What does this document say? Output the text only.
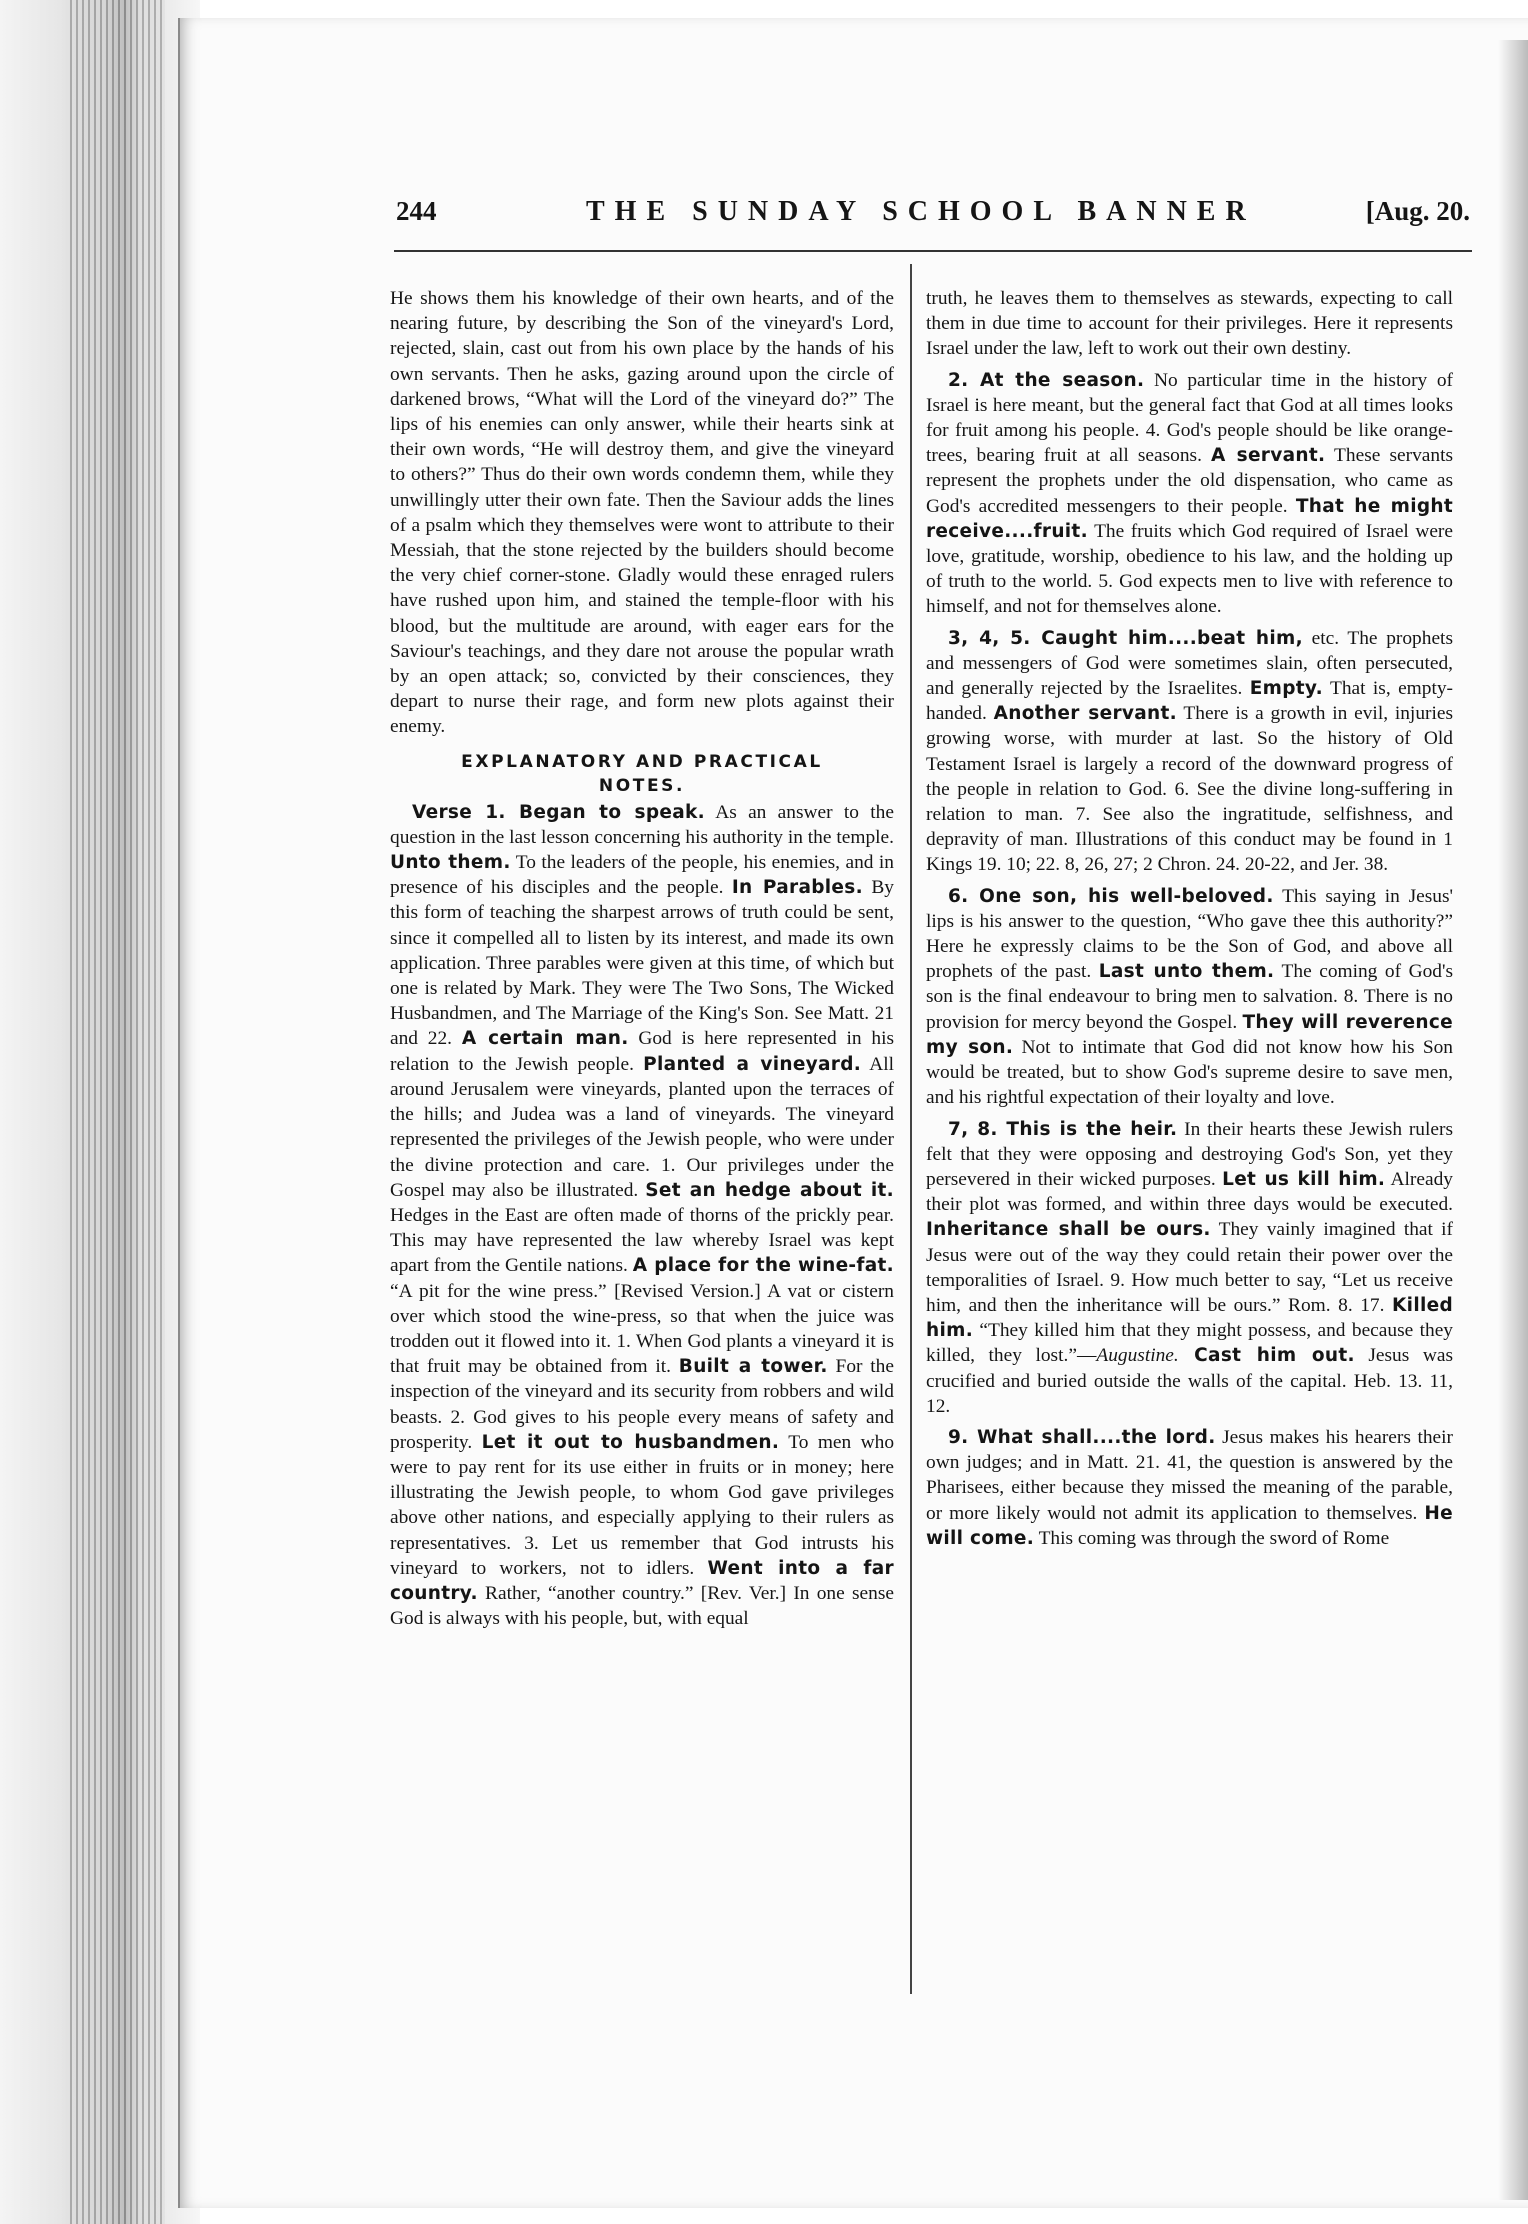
244	THE SUNDAY SCHOOL BANNER	[Aug. 20.

He shows them his knowledge of their own hearts, and of the nearing future, by describing the Son of the vineyard's Lord, rejected, slain, cast out from his own place by the hands of his own servants. Then he asks, gazing around upon the circle of darkened brows, “What will the Lord of the vineyard do?” The lips of his enemies can only answer, while their hearts sink at their own words, “He will destroy them, and give the vineyard to others?” Thus do their own words condemn them, while they unwillingly utter their own fate. Then the Saviour adds the lines of a psalm which they themselves were wont to attribute to their Messiah, that the stone rejected by the builders should become the very chief corner-stone. Gladly would these enraged rulers have rushed upon him, and stained the temple-floor with his blood, but the multitude are around, with eager ears for the Saviour's teachings, and they dare not arouse the popular wrath by an open attack; so, convicted by their consciences, they depart to nurse their rage, and form new plots against their enemy.

EXPLANATORY AND PRACTICAL
NOTES.

Verse 1. Began to speak. As an answer to the question in the last lesson concerning his authority in the temple. Unto them. To the leaders of the people, his enemies, and in presence of his disciples and the people. In Parables. By this form of teaching the sharpest arrows of truth could be sent, since it compelled all to listen by its interest, and made its own application. Three parables were given at this time, of which but one is related by Mark. They were The Two Sons, The Wicked Husbandmen, and The Marriage of the King's Son. See Matt. 21 and 22. A certain man. God is here represented in his relation to the Jewish people. Planted a vineyard. All around Jerusalem were vineyards, planted upon the terraces of the hills; and Judea was a land of vineyards. The vineyard represented the privileges of the Jewish people, who were under the divine protection and care. 1. Our privileges under the Gospel may also be illustrated. Set an hedge about it. Hedges in the East are often made of thorns of the prickly pear. This may have represented the law whereby Israel was kept apart from the Gentile nations. A place for the wine-fat. “A pit for the wine press.” [Revised Version.] A vat or cistern over which stood the wine-press, so that when the juice was trodden out it flowed into it. 1. When God plants a vineyard it is that fruit may be obtained from it. Built a tower. For the inspection of the vineyard and its security from robbers and wild beasts. 2. God gives to his people every means of safety and prosperity. Let it out to husbandmen. To men who were to pay rent for its use either in fruits or in money; here illustrating the Jewish people, to whom God gave privileges above other nations, and especially applying to their rulers as representatives. 3. Let us remember that God intrusts his vineyard to workers, not to idlers. Went into a far country. Rather, “another country.” [Rev. Ver.] In one sense God is always with his people, but, with equal

truth, he leaves them to themselves as stewards, expecting to call them in due time to account for their privileges. Here it represents Israel under the law, left to work out their own destiny.

2. At the season. No particular time in the history of Israel is here meant, but the general fact that God at all times looks for fruit among his people. 4. God's people should be like orange-trees, bearing fruit at all seasons. A servant. These servants represent the prophets under the old dispensation, who came as God's accredited messengers to their people. That he might receive....fruit. The fruits which God required of Israel were love, gratitude, worship, obedience to his law, and the holding up of truth to the world. 5. God expects men to live with reference to himself, and not for themselves alone.

3, 4, 5. Caught him....beat him, etc. The prophets and messengers of God were sometimes slain, often persecuted, and generally rejected by the Israelites. Empty. That is, empty-handed. Another servant. There is a growth in evil, injuries growing worse, with murder at last. So the history of Old Testament Israel is largely a record of the downward progress of the people in relation to God. 6. See the divine long-suffering in relation to man. 7. See also the ingratitude, selfishness, and depravity of man. Illustrations of this conduct may be found in 1 Kings 19. 10; 22. 8, 26, 27; 2 Chron. 24. 20-22, and Jer. 38.

6. One son, his well-beloved. This saying in Jesus' lips is his answer to the question, “Who gave thee this authority?” Here he expressly claims to be the Son of God, and above all prophets of the past. Last unto them. The coming of God's son is the final endeavour to bring men to salvation. 8. There is no provision for mercy beyond the Gospel. They will reverence my son. Not to intimate that God did not know how his Son would be treated, but to show God's supreme desire to save men, and his rightful expectation of their loyalty and love.

7, 8. This is the heir. In their hearts these Jewish rulers felt that they were opposing and destroying God's Son, yet they persevered in their wicked purposes. Let us kill him. Already their plot was formed, and within three days would be executed. Inheritance shall be ours. They vainly imagined that if Jesus were out of the way they could retain their power over the temporalities of Israel. 9. How much better to say, “Let us receive him, and then the inheritance will be ours.” Rom. 8. 17. Killed him. “They killed him that they might possess, and because they killed, they lost.”—Augustine. Cast him out. Jesus was crucified and buried outside the walls of the capital. Heb. 13. 11, 12.

9. What shall....the lord. Jesus makes his hearers their own judges; and in Matt. 21. 41, the question is answered by the Pharisees, either because they missed the meaning of the parable, or more likely would not admit its application to themselves. He will come. This coming was through the sword of Rome
